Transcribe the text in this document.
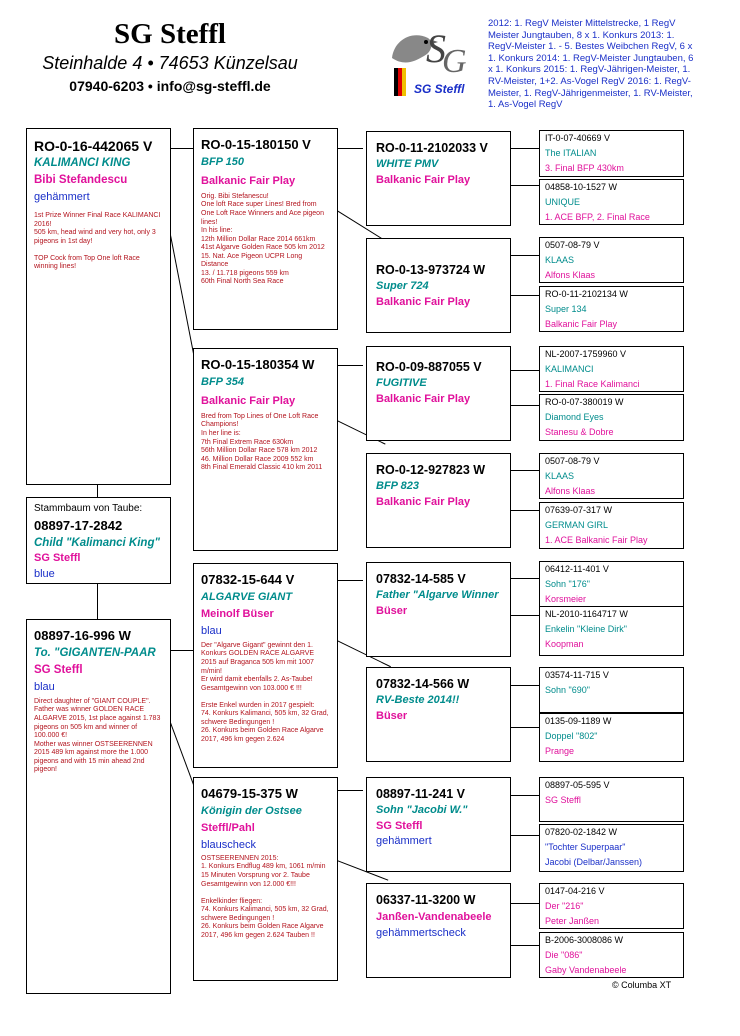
SG Steffl
Steinhalde 4 • 74653 Künzelsau
07940-6203 • info@sg-steffl.de
S
G
SG Steffl
2012: 1. RegV Meister Mittelstrecke, 1 RegV Meister Jungtauben, 8 x 1. Konkurs 2013: 1. RegV-Meister 1. - 5. Bestes Weibchen RegV, 6 x 1. Konkurs 2014: 1. RegV-Meister Jungtauben, 6 x 1. Konkurs 2015: 1. RegV-Jährigen-Meister, 1. RV-Meister, 1+2. As-Vogel RegV 2016: 1. RegV-Meister, 1. RegV-Jährigenmeister, 1. RV-Meister, 1. As-Vogel RegV
RO-0-16-442065 V
KALIMANCI KING
Bibi Stefandescu
gehämmert
1st Prize Winner Final Race KALIMANCI 2016!
505 km, head wind and very hot, only 3 pigeons in 1st day!

TOP Cock from Top One loft Race winning lines!
Stammbaum von Taube:
08897-17-2842
Child "Kalimanci King"
SG Steffl
blue
08897-16-996 W
To. "GIGANTEN-PAAR
SG Steffl
blau
Direct daughter of "GIANT COUPLE".
Father was winner GOLDEN RACE ALGARVE 2015, 1st place against 1.783 pigeons on 505 km and winner of 100.000 €!
Mother was winner OSTSEERENNEN 2015 489 km against more the 1.000 pigeons and with 15 min ahead 2nd pigeon!
RO-0-15-180150 V
BFP 150
Balkanic Fair Play
Orig. Bibi Stefanescu!
One loft Race super Lines! Bred from One Loft Race Winners and Ace pigeon lines!
In his line:
12th Million Dollar Race 2014 661km
41st Algarve Golden Race 505 km 2012
15. Nat. Ace Pigeon UCPR Long Distance
13. / 11.718 pigeons 559 km
60th Final North Sea Race
RO-0-15-180354 W
BFP 354
Balkanic Fair Play
Bred from Top Lines of One Loft Race Champions!
In her line is:
7th Final Extrem Race 630km
56th Million Dollar Race 578 km 2012
46. Million Dollar Race 2009 552 km
8th Final Emerald Classic 410 km 2011
07832-15-644 V
ALGARVE GIANT
Meinolf Büser
blau
Der "Algarve Gigant" gewinnt den 1. Konkurs GOLDEN RACE ALGARVE 2015 auf Braganca 505 km mit 1007 m/min!
Er wird damit ebenfalls 2. As-Taube!
Gesamtgewinn von 103.000 € !!!

Erste Enkel wurden in 2017 gespielt:
74. Konkurs Kalimanci, 505 km, 32 Grad, schwere Bedingungen !
26. Konkurs beim Golden Race Algarve 2017, 496 km gegen 2.624
04679-15-375 W
Königin der Ostsee
Steffl/Pahl
blauscheck
OSTSEERENNEN 2015:
1. Konkurs Endflug 489 km, 1061 m/min
15 Minuten Vorsprung vor 2. Taube
Gesamtgewinn von 12.000 €!!!

Enkelkinder fliegen:
74. Konkurs Kalimanci, 505 km, 32 Grad, schwere Bedingungen !
26. Konkurs beim Golden Race Algarve 2017, 496 km gegen 2.624 Tauben !!
RO-0-11-2102033 V
WHITE PMV
Balkanic Fair Play
RO-0-13-973724 W
Super 724
Balkanic Fair Play
RO-0-09-887055 V
FUGITIVE
Balkanic Fair Play
RO-0-12-927823 W
BFP 823
Balkanic Fair Play
07832-14-585 V
Father "Algarve Winner
Büser
07832-14-566 W
RV-Beste 2014!!
Büser
08897-11-241 V
Sohn "Jacobi W."
SG Steffl
gehämmert
06337-11-3200 W
Janßen-Vandenabeele
gehämmertscheck
IT-0-07-40669 V
The ITALIAN
3. Final BFP 430km
04858-10-1527 W
UNIQUE
1. ACE BFP, 2. Final Race
0507-08-79 V
KLAAS
Alfons Klaas
RO-0-11-2102134 W
Super 134
Balkanic Fair Play
NL-2007-1759960 V
KALIMANCI
1. Final Race Kalimanci
RO-0-07-380019 W
Diamond Eyes
Stanesu & Dobre
0507-08-79 V
KLAAS
Alfons Klaas
07639-07-317 W
GERMAN GIRL
1. ACE Balkanic Fair Play
06412-11-401 V
Sohn "176"
Korsmeier
NL-2010-1164717 W
Enkelin "Kleine Dirk"
Koopman
03574-11-715 V
Sohn "690"
0135-09-1189 W
Doppel "802"
Prange
08897-05-595 V
SG Steffl
07820-02-1842 W
"Tochter Superpaar"
Jacobi (Delbar/Janssen)
0147-04-216 V
Der "216"
Peter Janßen
B-2006-3008086 W
Die "086"
Gaby Vandenabeele
© Columba XT
